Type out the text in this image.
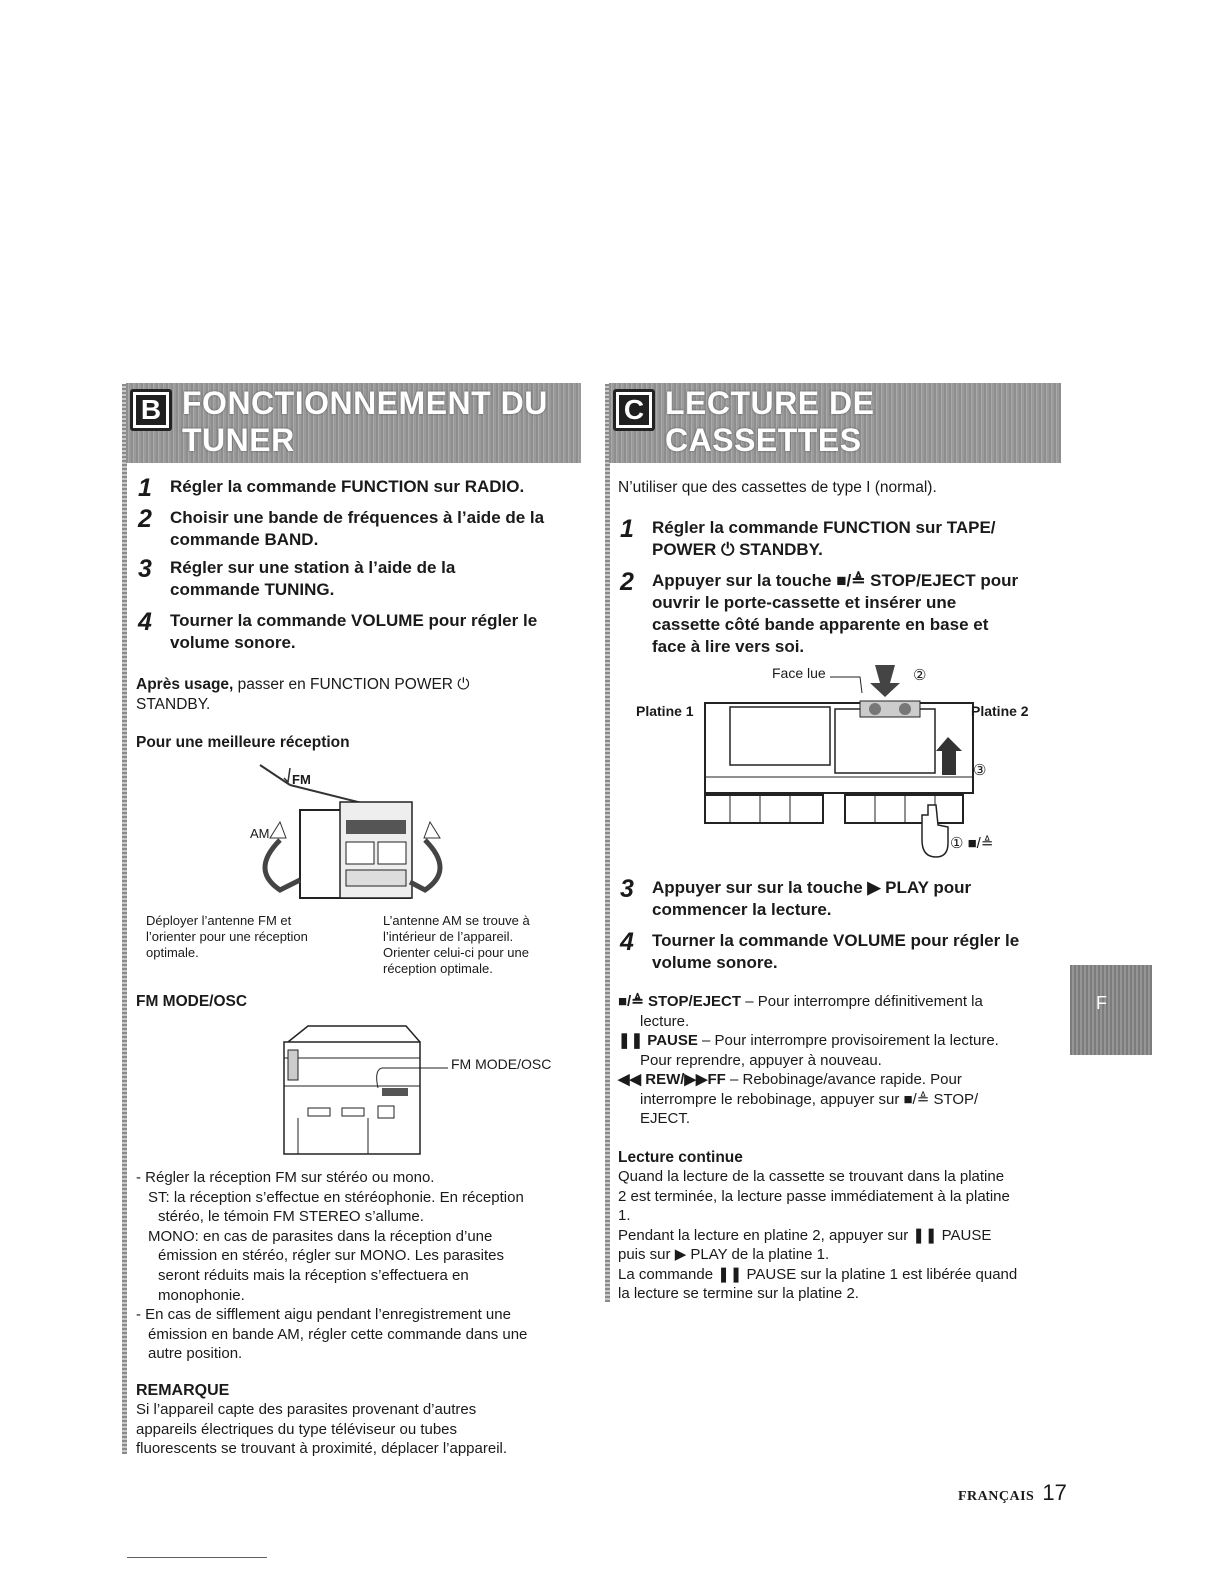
B FONCTIONNEMENT DU
TUNER
1	Régler la commande FUNCTION sur RADIO.
2	Choisir une bande de fréquences à l’aide de la
commande BAND.
3	Régler sur une station à l’aide de la
commande TUNING.
4	Tourner la commande VOLUME pour régler le
volume sonore.
Après usage, passer en FUNCTION POWER ⏻
STANDBY.
Pour une meilleure réception
FM
AM
Déployer l’antenne FM et
l’orienter pour une réception
optimale.
L’antenne AM se trouve à
l’intérieur de l’appareil.
Orienter celui-ci pour une
réception optimale.
FM MODE/OSC
FM MODE/OSC
- Régler la réception FM sur stéréo ou mono.
ST: la réception s’effectue en stéréophonie. En réception
stéréo, le témoin FM STEREO s’allume.
MONO: en cas de parasites dans la réception d’une
émission en stéréo, régler sur MONO. Les parasites
seront réduits mais la réception s’effectuera en
monophonie.
- En cas de sifflement aigu pendant l’enregistrement une
émission en bande AM, régler cette commande dans une
autre position.
REMARQUE
Si l’appareil capte des parasites provenant d’autres
appareils électriques du type téléviseur ou tubes
fluorescents se trouvant à proximité, déplacer l’appareil.
C LECTURE DE
CASSETTES
N’utiliser que des cassettes de type I (normal).
1	Régler la commande FUNCTION sur TAPE/
POWER ⏻ STANDBY.
2	Appuyer sur la touche ■/≜ STOP/EJECT pour
ouvrir le porte-cassette et insérer une
cassette côté bande apparente en base et
face à lire vers soi.
Face lue	②
Platine 1	Platine 2
③
① ■/≜
3	Appuyer sur sur la touche ▶ PLAY pour
commencer la lecture.
4	Tourner la commande VOLUME pour régler le
volume sonore.
■/≜ STOP/EJECT – Pour interrompre définitivement la
lecture.
❚❚ PAUSE – Pour interrompre provisoirement la lecture.
Pour reprendre, appuyer à nouveau.
◀◀ REW/▶▶FF – Rebobinage/avance rapide. Pour
interrompre le rebobinage, appuyer sur ■/≜ STOP/
EJECT.
Lecture continue
Quand la lecture de la cassette se trouvant dans la platine
2 est terminée, la lecture passe immédiatement à la platine
1.
Pendant la lecture en platine 2, appuyer sur ❚❚ PAUSE
puis sur ▶ PLAY de la platine 1.
La commande ❚❚ PAUSE sur la platine 1 est libérée quand
la lecture se termine sur la platine 2.
F
FRANÇAIS 17
